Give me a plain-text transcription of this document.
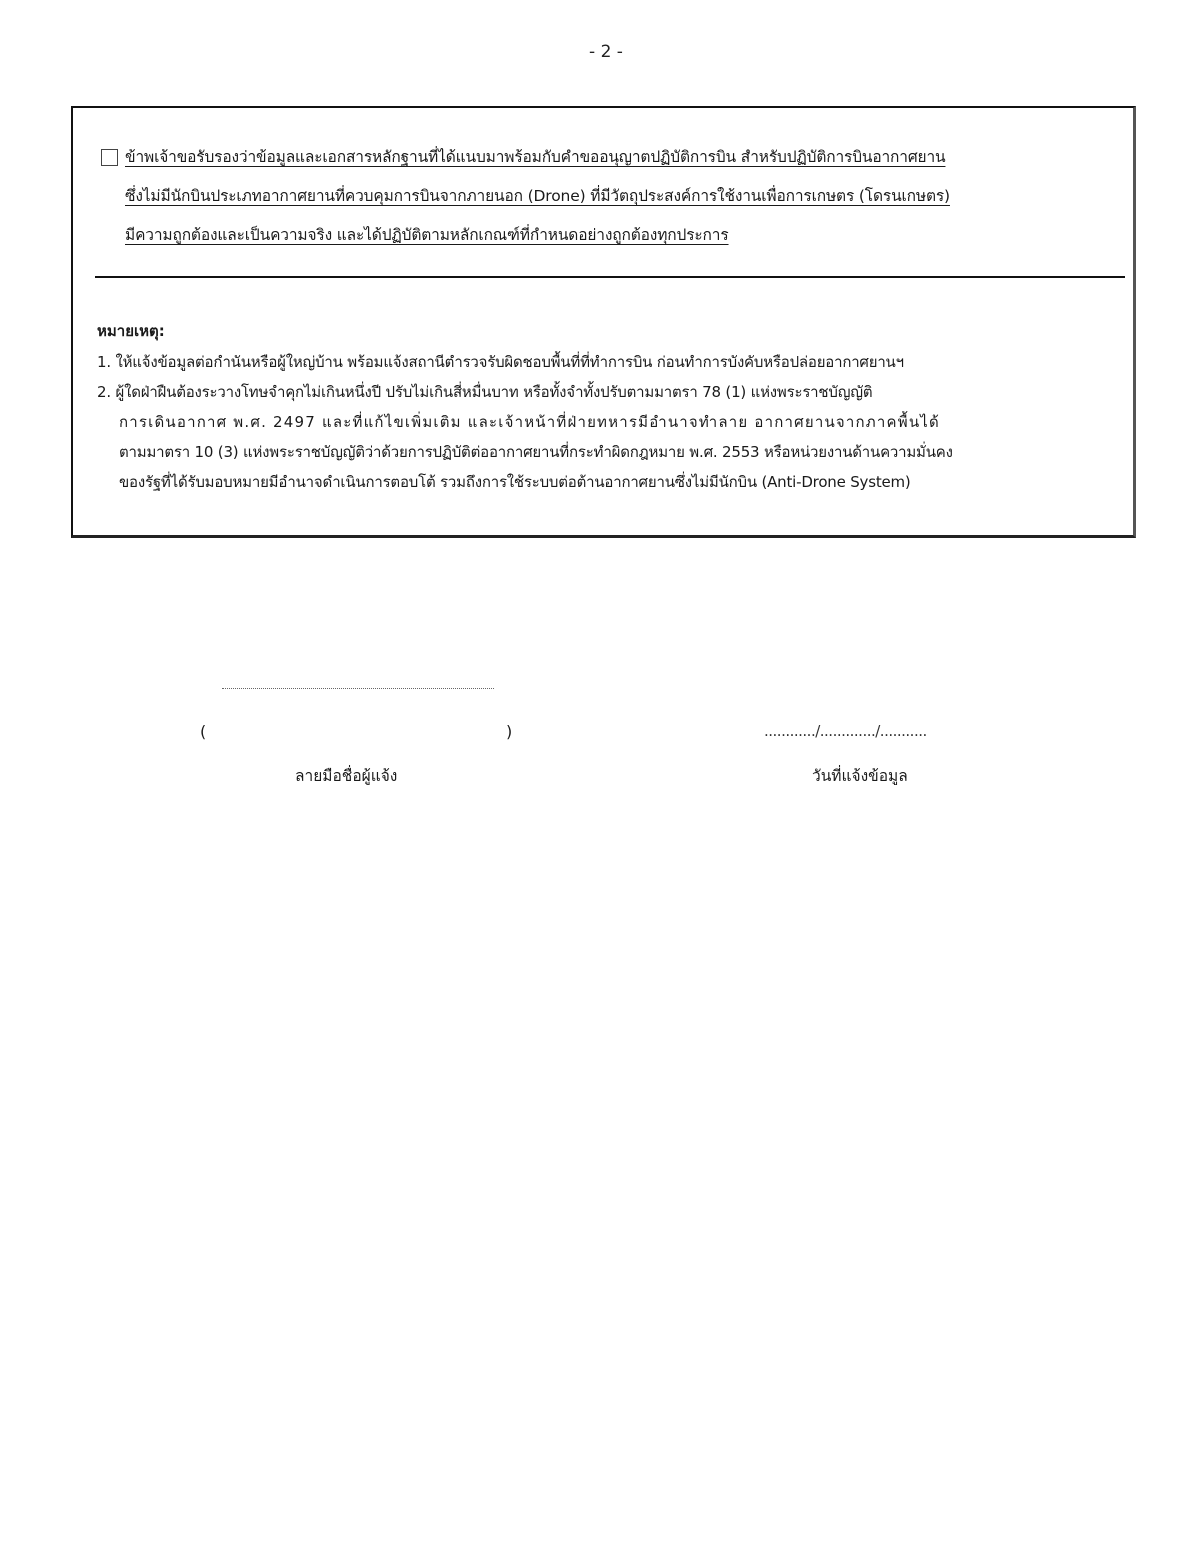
- 2 -
ข้าพเจ้าขอรับรองว่าข้อมูลและเอกสารหลักฐานที่ได้แนบมาพร้อมกับคำขออนุญาตปฏิบัติการบิน สำหรับปฏิบัติการบินอากาศยาน
ซึ่งไม่มีนักบินประเภทอากาศยานที่ควบคุมการบินจากภายนอก (Drone) ที่มีวัตถุประสงค์การใช้งานเพื่อการเกษตร (โดรนเกษตร)
มีความถูกต้องและเป็นความจริง และได้ปฏิบัติตามหลักเกณฑ์ที่กำหนดอย่างถูกต้องทุกประการ
หมายเหตุ:
1. ให้แจ้งข้อมูลต่อกำนันหรือผู้ใหญ่บ้าน พร้อมแจ้งสถานีตำรวจรับผิดชอบพื้นที่ที่ทำการบิน ก่อนทำการบังคับหรือปล่อยอากาศยานฯ
2. ผู้ใดฝ่าฝืนต้องระวางโทษจำคุกไม่เกินหนึ่งปี ปรับไม่เกินสี่หมื่นบาท หรือทั้งจำทั้งปรับตามมาตรา 78 (1) แห่งพระราชบัญญัติ
การเดินอากาศ พ.ศ. 2497 และที่แก้ไขเพิ่มเติม และเจ้าหน้าที่ฝ่ายทหารมีอำนาจทำลาย อากาศยานจากภาคพื้นได้
ตามมาตรา 10 (3) แห่งพระราชบัญญัติว่าด้วยการปฏิบัติต่ออากาศยานที่กระทำผิดกฎหมาย พ.ศ. 2553 หรือหน่วยงานด้านความมั่นคง
ของรัฐที่ได้รับมอบหมายมีอำนาจดำเนินการตอบโต้ รวมถึงการใช้ระบบต่อต้านอากาศยานซึ่งไม่มีนักบิน (Anti-Drone System)
(	)
ลายมือชื่อผู้แจ้ง
............/............./...........
วันที่แจ้งข้อมูล
